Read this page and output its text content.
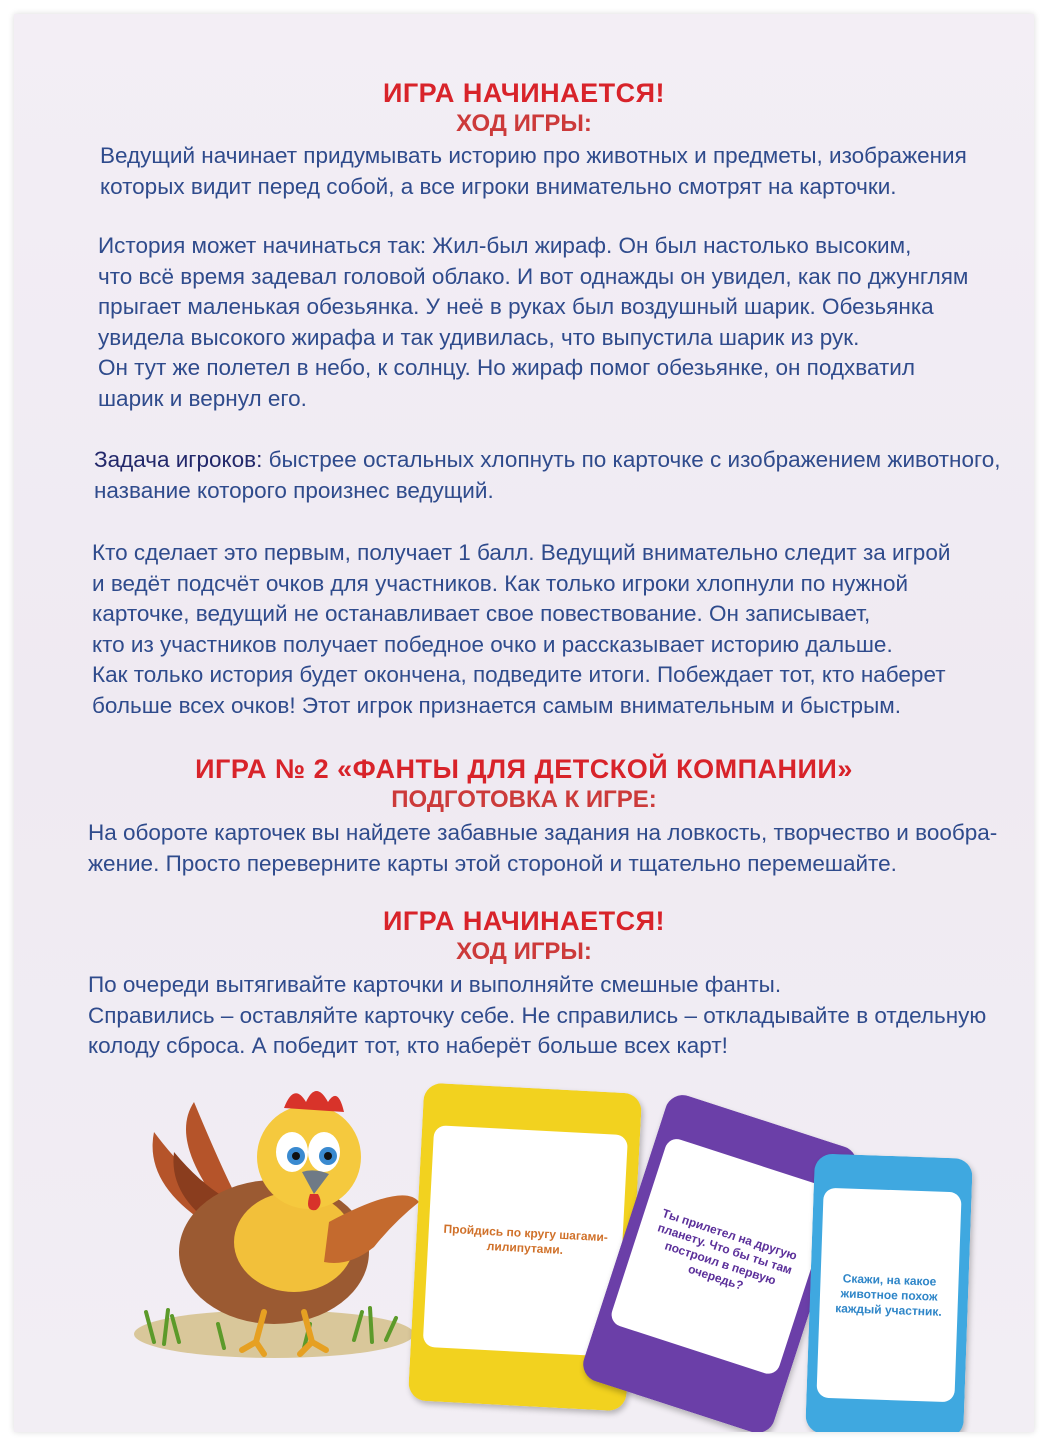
ИГРА НАЧИНАЕТСЯ!
ХОД ИГРЫ:

Ведущий начинает придумывать историю про животных и предметы, изображения
которых видит перед собой, а все игроки внимательно смотрят на карточки.

История может начинаться так: Жил-был жираф. Он был настолько высоким,
что всё время задевал головой облако. И вот однажды он увидел, как по джунглям
прыгает маленькая обезьянка. У неё в руках был воздушный шарик. Обезьянка
увидела высокого жирафа и так удивилась, что выпустила шарик из рук.
Он тут же полетел в небо, к солнцу. Но жираф помог обезьянке, он подхватил
шарик и вернул его.

Задача игроков: быстрее остальных хлопнуть по карточке с изображением животного,
название которого произнес ведущий.

Кто сделает это первым, получает 1 балл. Ведущий внимательно следит за игрой
и ведёт подсчёт очков для участников. Как только игроки хлопнули по нужной
карточке, ведущий не останавливает свое повествование. Он записывает,
кто из участников получает победное очко и рассказывает историю дальше.
Как только история будет окончена, подведите итоги. Побеждает тот, кто наберет
больше всех очков! Этот игрок признается самым внимательным и быстрым.

ИГРА № 2 «ФАНТЫ ДЛЯ ДЕТСКОЙ КОМПАНИИ»
ПОДГОТОВКА К ИГРЕ:

На обороте карточек вы найдете забавные задания на ловкость, творчество и вообра-
жение. Просто переверните карты этой стороной и тщательно перемешайте.

ИГРА НАЧИНАЕТСЯ!
ХОД ИГРЫ:

По очереди вытягивайте карточки и выполняйте смешные фанты.
Справились – оставляйте карточку себе. Не справились – откладывайте в отдельную
колоду сброса. А победит тот, кто наберёт больше всех карт!

Пройдись по кругу шагами-лилипутами.	Ты прилетел на другую планету. Что бы ты там построил в первую очередь?	Скажи, на какое животное похож каждый участник.
